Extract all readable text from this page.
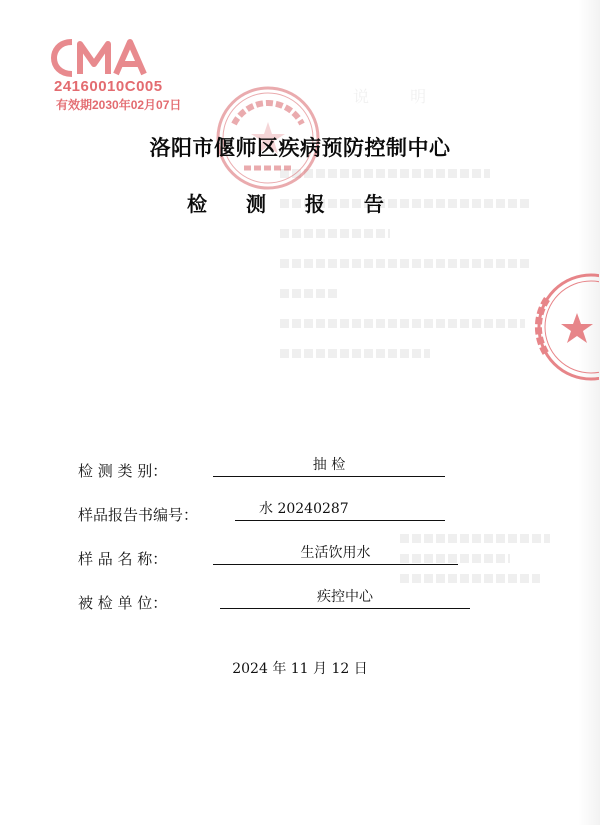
说 明
24160010C005
有效期2030年02月07日
洛阳市偃师区疾病预防控制中心
检 测 报 告
检 测 类 别：	抽 检
样品报告书编号：	水 20240287
样 品 名 称：	生活饮用水
被 检 单 位：	疾控中心
2024 年 11 月 12 日
